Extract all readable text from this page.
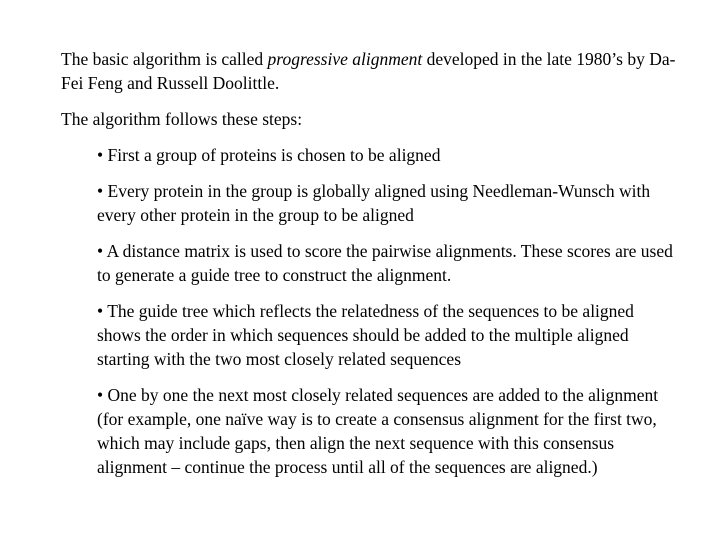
The basic algorithm is called progressive alignment developed in the late 1980’s by Da-Fei Feng and Russell Doolittle.

The algorithm follows these steps:

• First a group of proteins is chosen to be aligned
• Every protein in the group is globally aligned using Needleman-Wunsch with every other protein in the group to be aligned
• A distance matrix is used to score the pairwise alignments. These scores are used to generate a guide tree to construct the alignment.
• The guide tree which reflects the relatedness of the sequences to be aligned shows the order in which sequences should be added to the multiple aligned starting with the two most closely related sequences
• One by one the next most closely related sequences are added to the alignment (for example, one naïve way is to create a consensus alignment for the first two, which may include gaps, then align the next sequence with this consensus alignment – continue the process until all of the sequences are aligned.)
